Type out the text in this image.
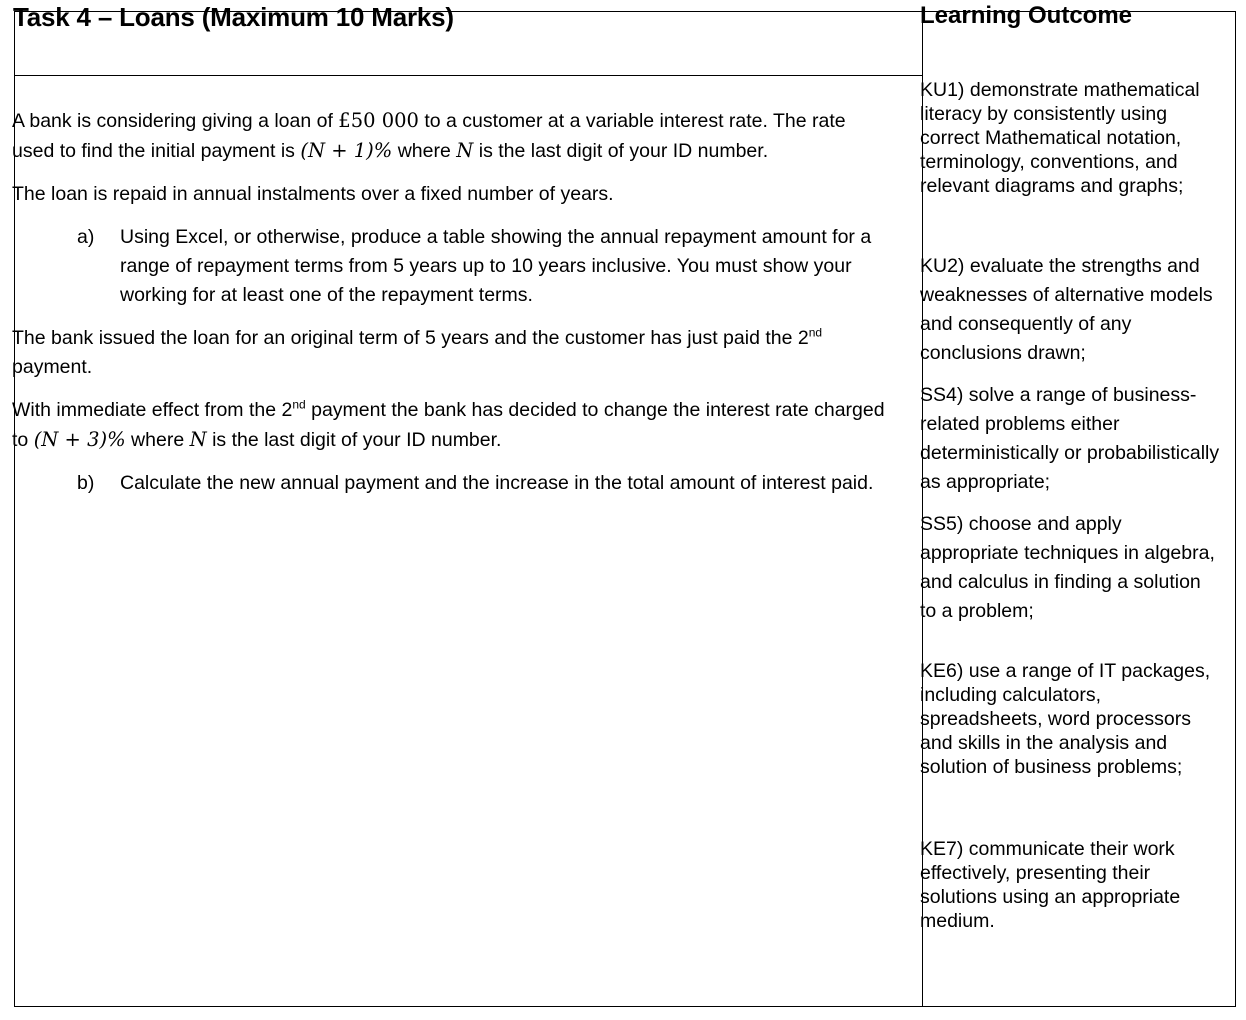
Task 4 – Loans (Maximum 10 Marks)	Learning Outcome

A bank is considering giving a loan of £50 000 to a customer at a variable interest rate. The rate used to find the initial payment is (N + 1)% where N is the last digit of your ID number.

The loan is repaid in annual instalments over a fixed number of years.

a) Using Excel, or otherwise, produce a table showing the annual repayment amount for a range of repayment terms from 5 years up to 10 years inclusive. You must show your working for at least one of the repayment terms.

The bank issued the loan for an original term of 5 years and the customer has just paid the 2nd payment.

With immediate effect from the 2nd payment the bank has decided to change the interest rate charged to (N + 3)% where N is the last digit of your ID number.

b) Calculate the new annual payment and the increase in the total amount of interest paid.

KU1) demonstrate mathematical literacy by consistently using correct Mathematical notation, terminology, conventions, and relevant diagrams and graphs;
KU2) evaluate the strengths and weaknesses of alternative models and consequently of any conclusions drawn;
SS4) solve a range of business-related problems either deterministically or probabilistically as appropriate;
SS5) choose and apply appropriate techniques in algebra, and calculus in finding a solution to a problem;
KE6) use a range of IT packages, including calculators, spreadsheets, word processors and skills in the analysis and solution of business problems;
KE7) communicate their work effectively, presenting their solutions using an appropriate medium.
